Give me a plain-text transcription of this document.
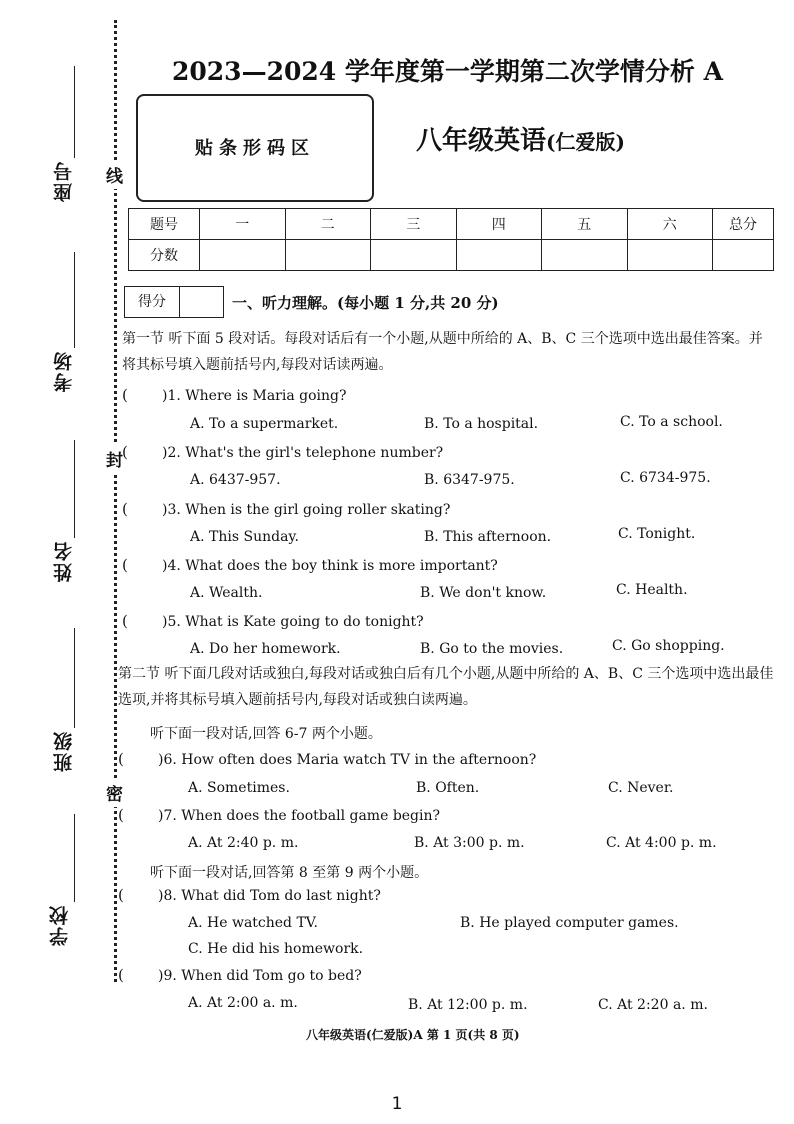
座号
考场
姓名
班级
学校
线
封
密
2023—2024 学年度第一学期第二次学情分析 A
贴条形码区	八年级英语(仁爱版)
题号	一	二	三	四	五	六	总分
分数							
得分	一、听力理解。(每小题 1 分,共 20 分)
第一节 听下面 5 段对话。每段对话后有一个小题,从题中所给的 A、B、C 三个选项中选出最佳答案。并将其标号填入题前括号内,每段对话读两遍。
( )1. Where is Maria going?
A. To a supermarket.	B. To a hospital.	C. To a school.
( )2. What's the girl's telephone number?
A. 6437-957.	B. 6347-975.	C. 6734-975.
( )3. When is the girl going roller skating?
A. This Sunday.	B. This afternoon.	C. Tonight.
( )4. What does the boy think is more important?
A. Wealth.	B. We don't know.	C. Health.
( )5. What is Kate going to do tonight?
A. Do her homework.	B. Go to the movies.	C. Go shopping.
第二节 听下面几段对话或独白,每段对话或独白后有几个小题,从题中所给的 A、B、C 三个选项中选出最佳选项,并将其标号填入题前括号内,每段对话或独白读两遍。
听下面一段对话,回答 6-7 两个小题。
( )6. How often does Maria watch TV in the afternoon?
A. Sometimes.	B. Often.	C. Never.
( )7. When does the football game begin?
A. At 2:40 p. m.	B. At 3:00 p. m.	C. At 4:00 p. m.
听下面一段对话,回答第 8 至第 9 两个小题。
( )8. What did Tom do last night?
A. He watched TV.	B. He played computer games.
C. He did his homework.
( )9. When did Tom go to bed?
A. At 2:00 a. m.	B. At 12:00 p. m.	C. At 2:20 a. m.
八年级英语(仁爱版)A 第 1 页(共 8 页)
1
